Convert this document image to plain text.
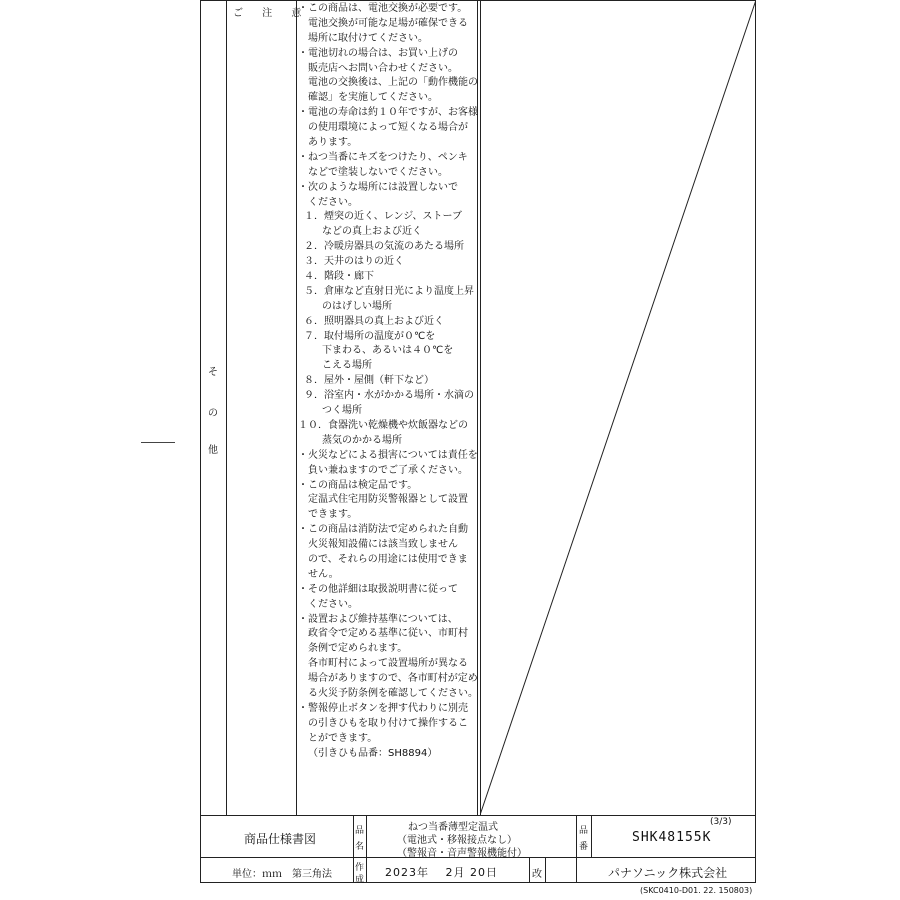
そ
の
他
ご 注 意
・この商品は、電池交換が必要です。
電池交換が可能な足場が確保できる
場所に取付けてください。
・電池切れの場合は、お買い上げの
販売店へお問い合わせください。
電池の交換後は、上記の「動作機能の
確認」を実施してください。
・電池の寿命は約１０年ですが、お客様
の使用環境によって短くなる場合が
あります。
・ねつ当番にキズをつけたり、ペンキ
などで塗装しないでください。
・次のような場所には設置しないで
ください。
１．煙突の近く、レンジ、ストーブ
などの真上および近く
２．冷暖房器具の気流のあたる場所
３．天井のはりの近く
４．階段・廊下
５．倉庫など直射日光により温度上昇
のはげしい場所
６．照明器具の真上および近く
７．取付場所の温度が０℃を
下まわる、あるいは４０℃を
こえる場所
８．屋外・屋側（軒下など）
９．浴室内・水がかかる場所・水滴の
つく場所
１０．食器洗い乾燥機や炊飯器などの
蒸気のかかる場所
・火災などによる損害については責任を
負い兼ねますのでご了承ください。
・この商品は検定品です。
定温式住宅用防災警報器として設置
できます。
・この商品は消防法で定められた自動
火災報知設備には該当致しません
ので、それらの用途には使用できま
せん。
・その他詳細は取扱説明書に従って
ください。
・設置および維持基準については、
政省令で定める基準に従い、市町村
条例で定められます。
各市町村によって設置場所が異なる
場合がありますので、各市町村が定め
る火災予防条例を確認してください。
・警報停止ボタンを押す代わりに別売
の引きひもを取り付けて操作するこ
とができます。
（引きひも品番：SH8894）
商品仕様書図
品
名
ねつ当番薄型定温式
（電池式・移報接点なし）
（警報音・音声警報機能付）
品
番
(3/3)
SHK48155K
単位：ｍｍ　第三角法
作
成
2023年　 2月 20日	改	パナソニック株式会社
(SKC0410-D01. 22. 150803)
